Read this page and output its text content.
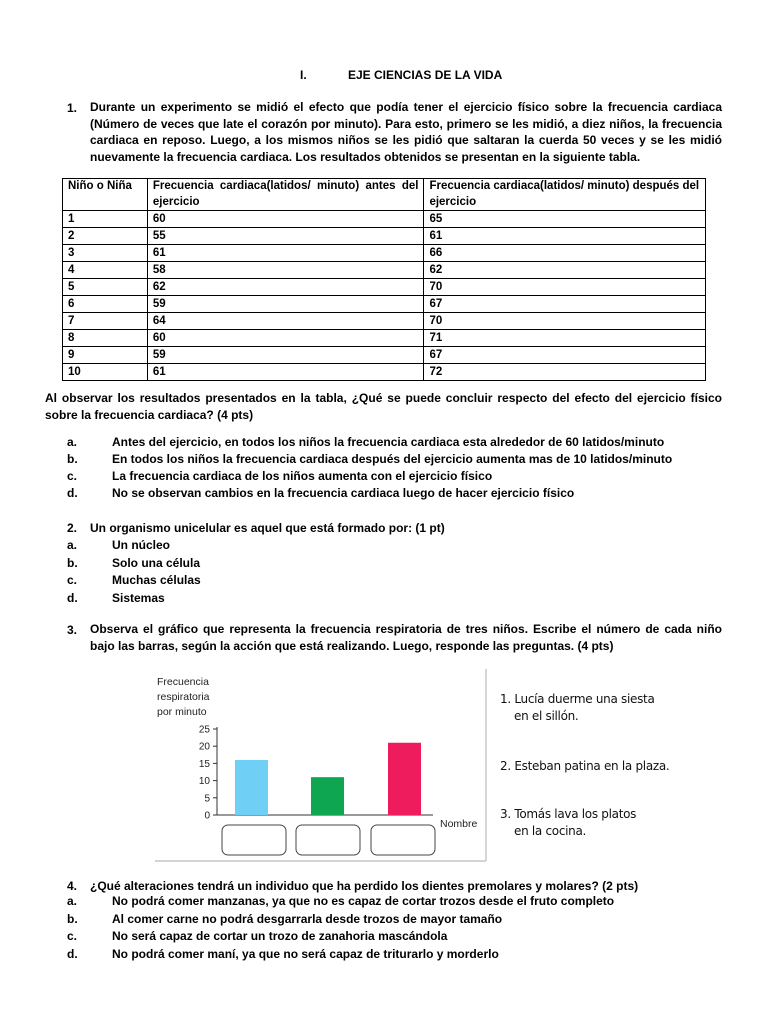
I.	EJE CIENCIAS DE LA VIDA
1. Durante un experimento se midió el efecto que podía tener el ejercicio físico sobre la frecuencia cardiaca (Número de veces que late el corazón por minuto). Para esto, primero se les midió, a diez niños, la frecuencia cardiaca en reposo. Luego, a los mismos niños se les pidió que saltaran la cuerda 50 veces y se les midió nuevamente la frecuencia cardiaca. Los resultados obtenidos se presentan en la siguiente tabla.
Niño o Niña	Frecuencia cardiaca(latidos/ minuto) antes del ejercicio	Frecuencia cardiaca(latidos/ minuto) después del ejercicio
1	60	65
2	55	61
3	61	66
4	58	62
5	62	70
6	59	67
7	64	70
8	60	71
9	59	67
10	61	72
Al observar los resultados presentados en la tabla, ¿Qué se puede concluir respecto del efecto del ejercicio físico sobre la frecuencia cardiaca? (4 pts)
a.	Antes del ejercicio, en todos los niños la frecuencia cardiaca esta alrededor de 60 latidos/minuto
b.	En todos los niños la frecuencia cardiaca después del ejercicio aumenta mas de 10 latidos/minuto
c.	La frecuencia cardiaca de los niños aumenta con el ejercicio físico
d.	No se observan cambios en la frecuencia cardiaca luego de hacer ejercicio físico
2. Un organismo unicelular es aquel que está formado por: (1 pt)
a.	Un núcleo
b.	Solo una célula
c.	Muchas células
d.	Sistemas
3. Observa el gráfico que representa la frecuencia respiratoria de tres niños. Escribe el número de cada niño bajo las barras, según la acción que está realizando. Luego, responde las preguntas. (4 pts)
Frecuencia
respiratoria
por minuto
0
5
10
15
20
25
Nombre
1. Lucía duerme una siesta
en el sillón.
2. Esteban patina en la plaza.
3. Tomás lava los platos
en la cocina.
4. ¿Qué alteraciones tendrá un individuo que ha perdido los dientes premolares y molares? (2 pts)
a.	No podrá comer manzanas, ya que no es capaz de cortar trozos desde el fruto completo
b.	Al comer carne no podrá desgarrarla desde trozos de mayor tamaño
c.	No será capaz de cortar un trozo de zanahoria mascándola
d.	No podrá comer maní, ya que no será capaz de triturarlo y morderlo
